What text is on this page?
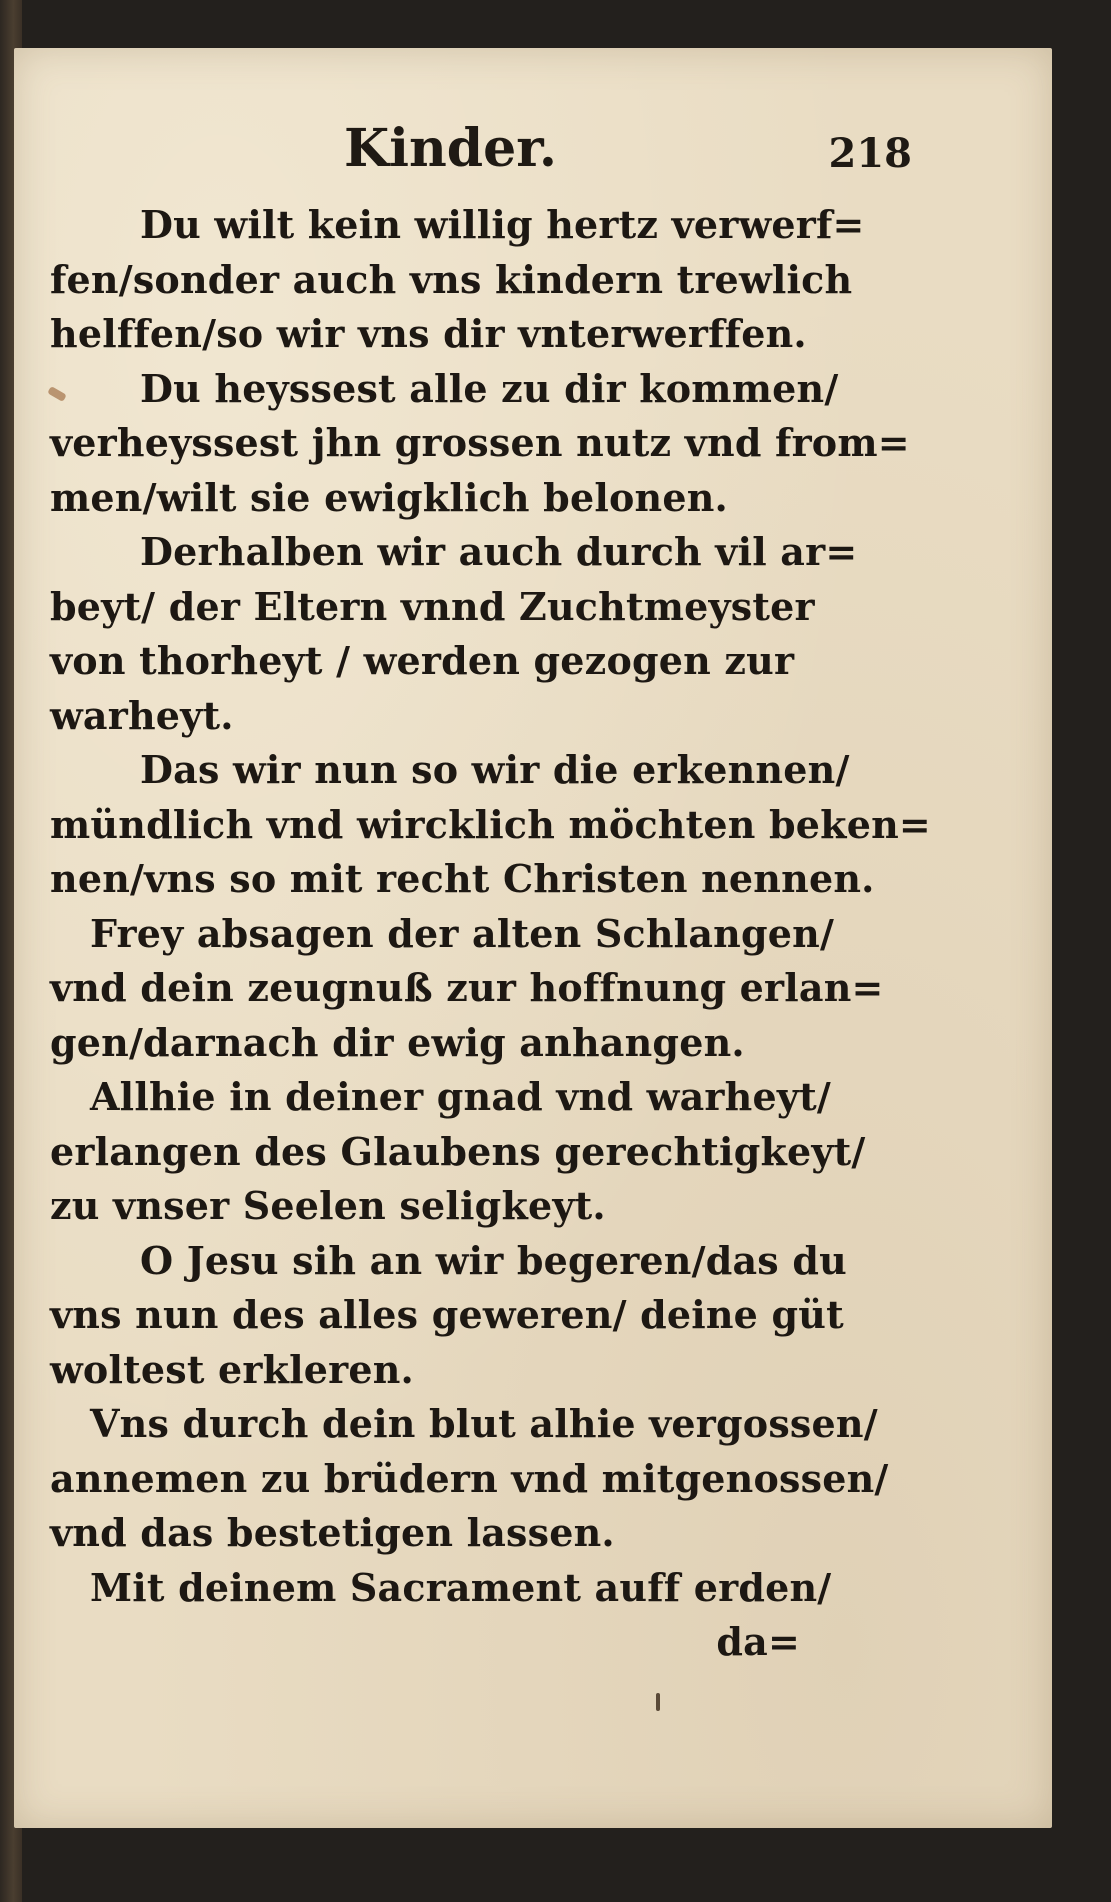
Kinder.	218
Du wilt kein willig hertz verwerf=
fen/sonder auch vns kindern trewlich
helffen/so wir vns dir vnterwerffen.
Du heyssest alle zu dir kommen/
verheyssest jhn grossen nutz vnd from=
men/wilt sie ewigklich belonen.
Derhalben wir auch durch vil ar=
beyt/ der Eltern vnnd Zuchtmeyster
von thorheyt / werden gezogen zur
warheyt.
Das wir nun so wir die erkennen/
mündlich vnd wircklich möchten beken=
nen/vns so mit recht Christen nennen.
Frey absagen der alten Schlangen/
vnd dein zeugnuß zur hoffnung erlan=
gen/darnach dir ewig anhangen.
Allhie in deiner gnad vnd warheyt/
erlangen des Glaubens gerechtigkeyt/
zu vnser Seelen seligkeyt.
O Jesu sih an wir begeren/das du
vns nun des alles geweren/ deine güt
woltest erkleren.
Vns durch dein blut alhie vergossen/
annemen zu brüdern vnd mitgenossen/
vnd das bestetigen lassen.
Mit deinem Sacrament auff erden/
da=
